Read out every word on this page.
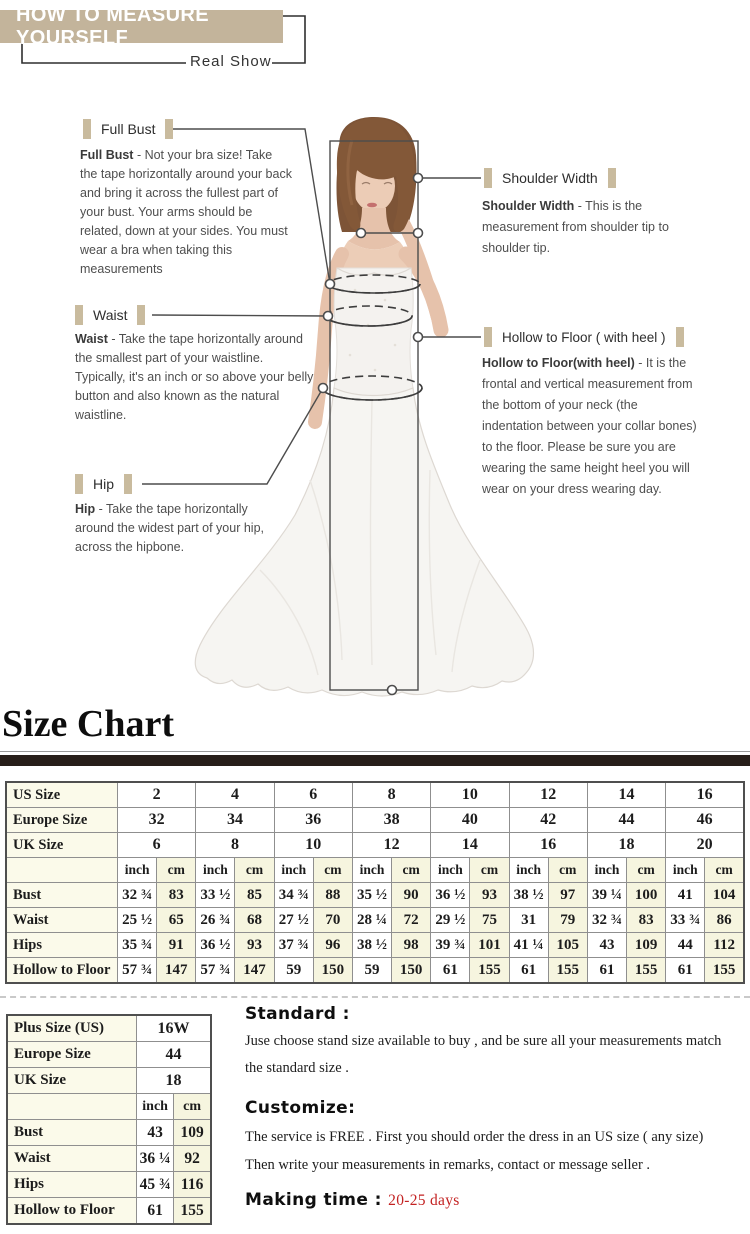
HOW TO MEASURE YOURSELF
Real Show
Full Bust

Full Bust - Not your bra size! Take the tape horizontally around your back and bring it across the fullest part of your bust. Your arms should be related, down at your sides. You must wear a bra when taking this measurements

Waist

Waist - Take the tape horizontally around the smallest part of your waistline. Typically, it's an inch or so above your belly button and also known as the natural waistline.

Hip

Hip - Take the tape horizontally around the widest part of your hip, across the hipbone.

Shoulder Width

Shoulder Width - This is the measurement from shoulder tip to shoulder tip.

Hollow to Floor ( with heel )

Hollow to Floor(with heel) - It is the frontal and vertical measurement from the bottom of your neck (the indentation between your collar bones) to the floor. Please be sure you are wearing the same height heel you will wear on your dress wearing day.

Size Chart
US Size	2		4		6		8		10		12		14		16	
Europe Size	32		34		36		38		40		42		44		46	
UK Size	6		8		10		12		14		16		18		20	
	inch	cm	inch	cm	inch	cm	inch	cm	inch	cm	inch	cm	inch	cm	inch	cm
Bust	32 ¾	83	33 ½	85	34 ¾	88	35 ½	90	36 ½	93	38 ½	97	39 ¼	100	41	104
Waist	25 ½	65	26 ¾	68	27 ½	70	28 ¼	72	29 ½	75	31	79	32 ¾	83	33 ¾	86
Hips	35 ¾	91	36 ½	93	37 ¾	96	38 ½	98	39 ¾	101	41 ¼	105	43	109	44	112
Hollow to Floor	57 ¾	147	57 ¾	147	59	150	59	150	61	155	61	155	61	155	61	155
Plus Size (US)	16W	
Europe Size	44	
UK Size	18	
	inch	cm
Bust	43	109
Waist	36 ¼	92
Hips	45 ¾	116
Hollow to Floor	61	155
Standard :

Juse choose stand size available to buy , and be sure all your measurements match the standard size .

Customize:

The service is FREE . First you should order the dress in an US size ( any size)

Then write your measurements in remarks, contact or message seller .

Making time : 20-25 days
